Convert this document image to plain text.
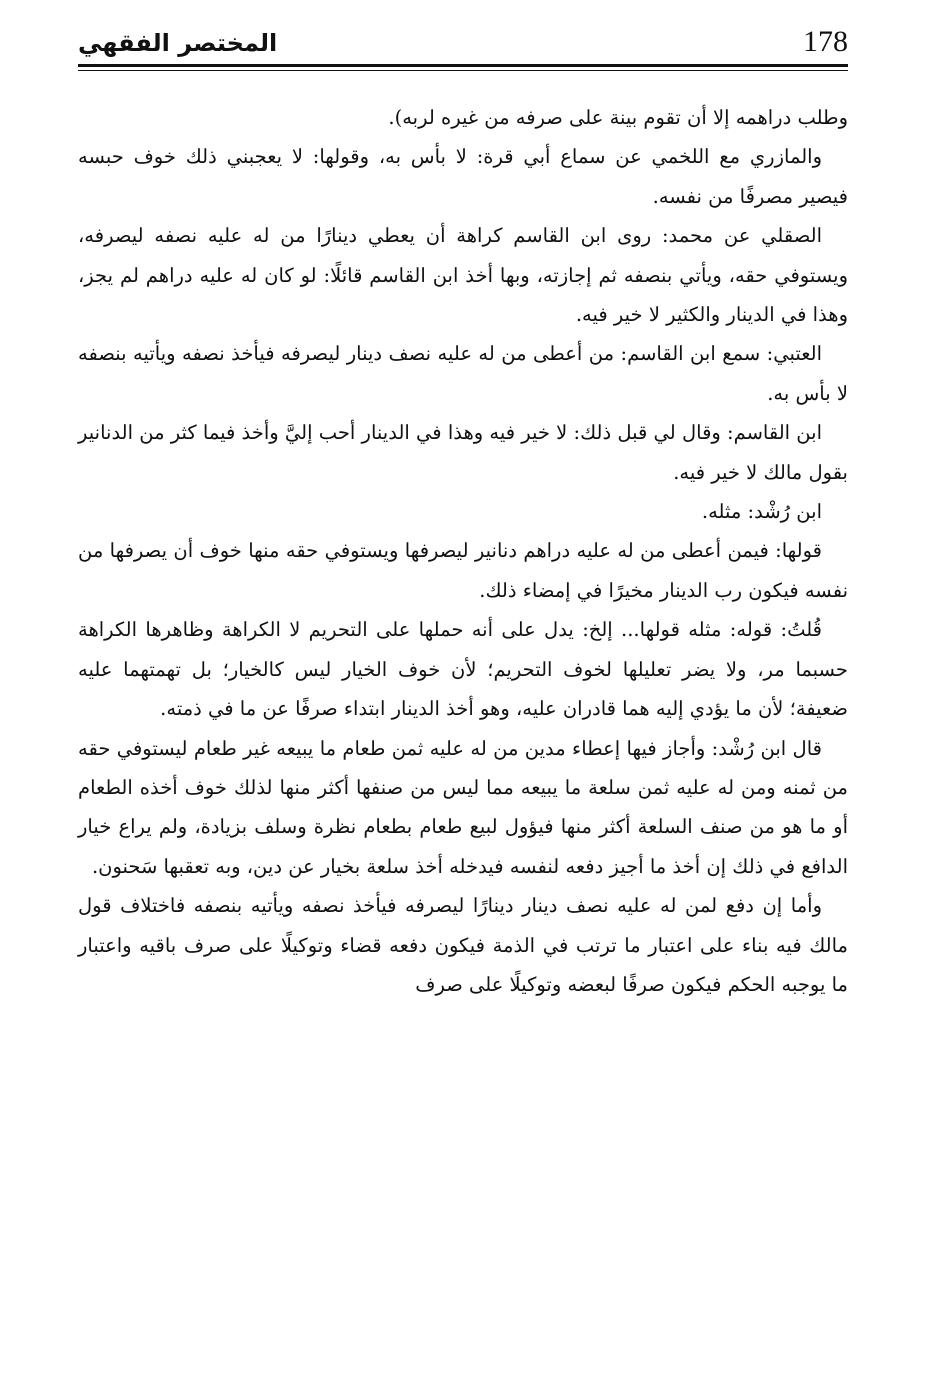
178
المختصر الفقهي

وطلب دراهمه إلا أن تقوم بينة على صرفه من غيره لربه).

والمازري مع اللخمي عن سماع أبي قرة: لا بأس به، وقولها: لا يعجبني ذلك خوف حبسه فيصير مصرفًا من نفسه.

الصقلي عن محمد: روى ابن القاسم كراهة أن يعطي دينارًا من له عليه نصفه ليصرفه، ويستوفي حقه، ويأتي بنصفه ثم إجازته، وبها أخذ ابن القاسم قائلًا: لو كان له عليه دراهم لم يجز، وهذا في الدينار والكثير لا خير فيه.

العتبي: سمع ابن القاسم: من أعطى من له عليه نصف دينار ليصرفه فيأخذ نصفه ويأتيه بنصفه لا بأس به.

ابن القاسم: وقال لي قبل ذلك: لا خير فيه وهذا في الدينار أحب إليَّ وأخذ فيما كثر من الدنانير بقول مالك لا خير فيه.

ابن رُشْد: مثله.

قولها: فيمن أعطى من له عليه دراهم دنانير ليصرفها ويستوفي حقه منها خوف أن يصرفها من نفسه فيكون رب الدينار مخيرًا في إمضاء ذلك.

قُلتُ: قوله: مثله قولها... إلخ: يدل على أنه حملها على التحريم لا الكراهة وظاهرها الكراهة حسبما مر، ولا يضر تعليلها لخوف التحريم؛ لأن خوف الخيار ليس كالخيار؛ بل تهمتهما عليه ضعيفة؛ لأن ما يؤدي إليه هما قادران عليه، وهو أخذ الدينار ابتداء صرفًا عن ما في ذمته.

قال ابن رُشْد: وأجاز فيها إعطاء مدين من له عليه ثمن طعام ما يبيعه غير طعام ليستوفي حقه من ثمنه ومن له عليه ثمن سلعة ما يبيعه مما ليس من صنفها أكثر منها لذلك خوف أخذه الطعام أو ما هو من صنف السلعة أكثر منها فيؤول لبيع طعام بطعام نظرة وسلف بزيادة، ولم يراع خيار الدافع في ذلك إن أخذ ما أجيز دفعه لنفسه فيدخله أخذ سلعة بخيار عن دين، وبه تعقبها سَحنون.

وأما إن دفع لمن له عليه نصف دينار دينارًا ليصرفه فيأخذ نصفه ويأتيه بنصفه فاختلاف قول مالك فيه بناء على اعتبار ما ترتب في الذمة فيكون دفعه قضاء وتوكيلًا على صرف باقيه واعتبار ما يوجبه الحكم فيكون صرفًا لبعضه وتوكيلًا على صرف
